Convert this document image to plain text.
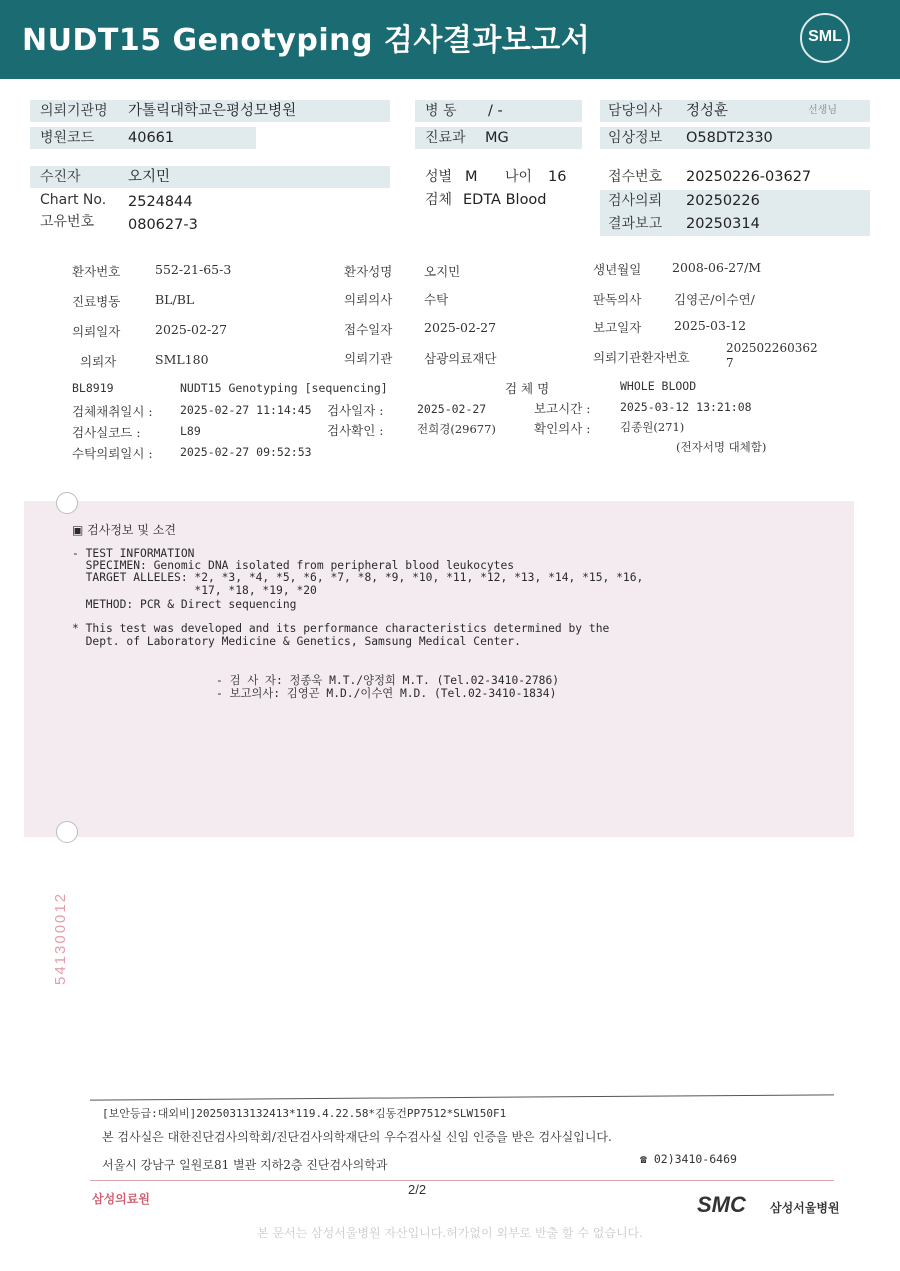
NUDT15 Genotyping 검사결과보고서	SML
의뢰기관명 가톨릭대학교은평성모병원
병원코드 40661
병 동 / -
진료과 MG
담당의사 정성훈	선생님
임상정보 O58DT2330
수진자	오지민
Chart No. 2524844
고유번호 080627-3
성별 M 나이 16
검체 EDTA Blood
접수번호 20250226-03627
검사의뢰 20250226
결과보고 20250314
환자번호	552-21-65-3	환자성명	오지민	생년월일 2008-06-27/M
진료병동	BL/BL	의뢰의사	수탁	판독의사	김영곤/이수연/
의뢰일자	2025-02-27	접수일자	2025-02-27	보고일자	2025-03-12
의뢰자	SML180	의뢰기관	삼광의료재단	의뢰기관환자번호
202502260362
7
BL8919	NUDT15 Genotyping [sequencing]	검 체 명	WHOLE BLOOD
검체채취일시 : 2025-02-27 11:14:45 검사일자 :	2025-02-27	보고시간 :	2025-03-12 13:21:08
검사실코드 :	L89	검사확인 :	전희경(29677)	확인의사 :	김종원(271)
수탁의뢰일시 : 2025-02-27 09:52:53	(전자서명 대체함)
▣ 검사정보 및 소견
- TEST INFORMATION
SPECIMEN: Genomic DNA isolated from peripheral blood leukocytes
TARGET ALLELES: *2, *3, *4, *5, *6, *7, *8, *9, *10, *11, *12, *13, *14, *15, *16,
*17, *18, *19, *20
METHOD: PCR & Direct sequencing
* This test was developed and its performance characteristics determined by the
Dept. of Laboratory Medicine & Genetics, Samsung Medical Center.
- 검 사 자: 정종욱 M.T./양정희 M.T. (Tel.02-3410-2786)
- 보고의사: 김영곤 M.D./이수연 M.D. (Tel.02-3410-1834)
541300012
[보안등급:대외비]20250313132413*119.4.22.58*김동건PP7512*SLW150F1
본 검사실은 대한진단검사의학회/진단검사의학재단의 우수검사실 신임 인증을 받은 검사실입니다.
서울시 강남구 일원로81 별관 지하2층 진단검사의학과	☎ 02)3410-6469
삼성의료원
2/2
SMC 삼성서울병원
본 문서는 삼성서울병원 자산입니다.허가없이 외부로 반출 할 수 없습니다.
